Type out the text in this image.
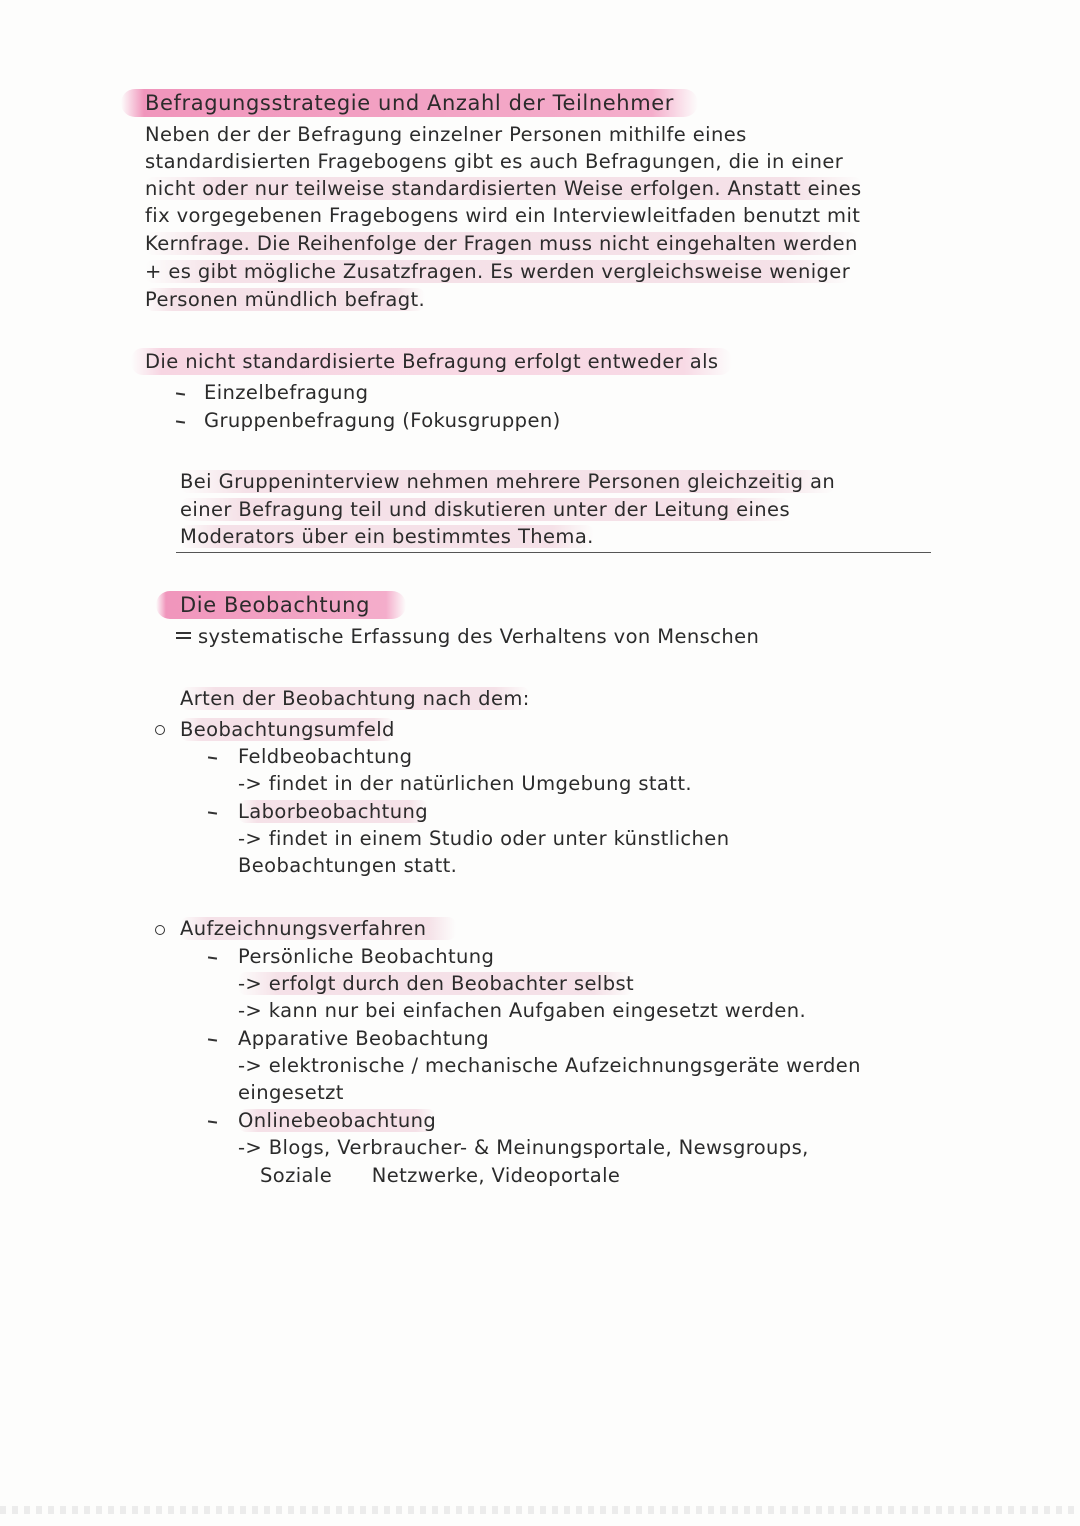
Befragungsstrategie und Anzahl der Teilnehmer
Neben der der Befragung einzelner Personen mithilfe eines
standardisierten Fragebogens gibt es auch Befragungen, die in einer
nicht oder nur teilweise standardisierten Weise erfolgen. Anstatt eines
fix vorgegebenen Fragebogens wird ein Interviewleitfaden benutzt mit
Kernfrage. Die Reihenfolge der Fragen muss nicht eingehalten werden
+ es gibt mögliche Zusatzfragen. Es werden vergleichsweise weniger
Personen mündlich befragt.
Die nicht standardisierte Befragung erfolgt entweder als
Einzelbefragung
Gruppenbefragung (Fokusgruppen)
Bei Gruppeninterview nehmen mehrere Personen gleichzeitig an
einer Befragung teil und diskutieren unter der Leitung eines
Moderators über ein bestimmtes Thema.
Die Beobachtung
systematische Erfassung des Verhaltens von Menschen
Arten der Beobachtung nach dem:
Beobachtungsumfeld
Feldbeobachtung
-> findet in der natürlichen Umgebung statt.
Laborbeobachtung
-> findet in einem Studio oder unter künstlichen
Beobachtungen statt.
Aufzeichnungsverfahren
Persönliche Beobachtung
-> erfolgt durch den Beobachter selbst
-> kann nur bei einfachen Aufgaben eingesetzt werden.
Apparative Beobachtung
-> elektronische / mechanische Aufzeichnungsgeräte werden
eingesetzt
Onlinebeobachtung
-> Blogs, Verbraucher- & Meinungsportale, Newsgroups,
Soziale      Netzwerke, Videoportale
